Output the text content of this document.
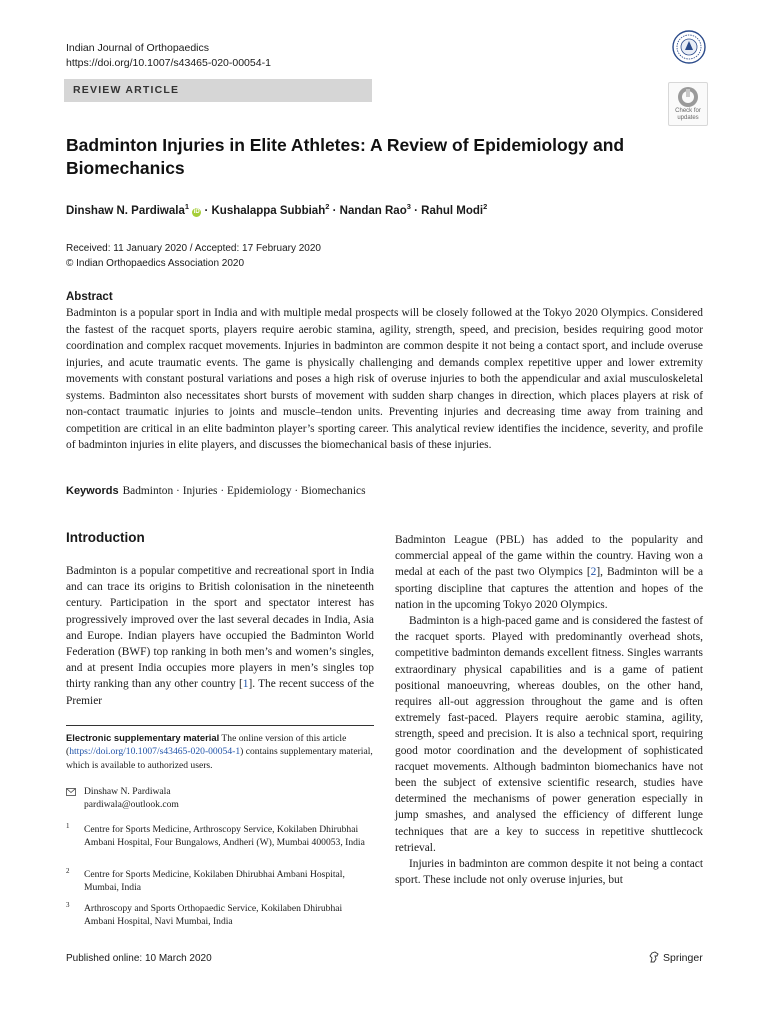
Indian Journal of Orthopaedics
https://doi.org/10.1007/s43465-020-00054-1
REVIEW ARTICLE
Check for
updates
Badminton Injuries in Elite Athletes: A Review of Epidemiology and Biomechanics
Dinshaw N. Pardiwala$^1$ iD · Kushalappa Subbiah$^2$ · Nandan Rao$^3$ · Rahul Modi$^2$
Received: 11 January 2020 / Accepted: 17 February 2020
© Indian Orthopaedics Association 2020
Abstract
Badminton is a popular sport in India and with multiple medal prospects will be closely followed at the Tokyo 2020 Olympics. Considered the fastest of the racquet sports, players require aerobic stamina, agility, strength, speed, and precision, besides requiring good motor coordination and complex racquet movements. Injuries in badminton are common despite it not being a contact sport, and include overuse injuries, and acute traumatic events. The game is physically challenging and demands complex repetitive upper and lower extremity movements with constant postural variations and poses a high risk of overuse injuries to both the appendicular and axial musculoskeletal systems. Badminton also necessitates short bursts of movement with sudden sharp changes in direction, which places players at risk of non-contact traumatic injuries to joints and muscle–tendon units. Preventing injuries and decreasing time away from training and competition are critical in an elite badminton player’s sporting career. This analytical review identifies the incidence, severity, and profile of badminton injuries in elite players, and discusses the biomechanical basis of these injuries.
Keywords Badminton · Injuries · Epidemiology · Biomechanics
Introduction

Badminton is a popular competitive and recreational sport in India and can trace its origins to British colonisation in the nineteenth century. Participation in the sport and spectator interest has progressively improved over the last several decades in India, Asia and Europe. Indian players have occupied the Badminton World Federation (BWF) top ranking in both men’s and women’s singles, and at present India occupies more players in men’s singles top thirty ranking than any other country [1]. The recent success of the Premier

Badminton League (PBL) has added to the popularity and commercial appeal of the game within the country. Having won a medal at each of the past two Olympics [2], Badminton will be a sporting discipline that captures the attention and hopes of the nation in the upcoming Tokyo 2020 Olympics.

Badminton is a high-paced game and is considered the fastest of the racquet sports. Played with predominantly overhead shots, competitive badminton demands excellent fitness. Singles warrants extraordinary physical capabilities and is a game of patient positional manoeuvring, whereas doubles, on the other hand, requires all-out aggression throughout the game and is often extremely fast-paced. Players require aerobic stamina, agility, strength, speed and precision. It is also a technical sport, requiring good motor coordination and the development of sophisticated racquet movements. Although badminton biomechanics have not been the subject of extensive scientific research, studies have determined the mechanisms of power generation especially in jump smashes, and analysed the efficiency of different lunge techniques that are a key to success in repetitive shuttlecock retrieval.

Injuries in badminton are common despite it not being a contact sport. These include not only overuse injuries, but

Electronic supplementary material The online version of this article (https://doi.org/10.1007/s43465-020-00054-1) contains supplementary material, which is available to authorized users.
Dinshaw N. Pardiwala
pardiwala@outlook.com
1 Centre for Sports Medicine, Arthroscopy Service, Kokilaben Dhirubhai Ambani Hospital, Four Bungalows, Andheri (W), Mumbai 400053, India
2 Centre for Sports Medicine, Kokilaben Dhirubhai Ambani Hospital, Mumbai, India
3 Arthroscopy and Sports Orthopaedic Service, Kokilaben Dhirubhai Ambani Hospital, Navi Mumbai, India
Published online: 10 March 2020	Springer
